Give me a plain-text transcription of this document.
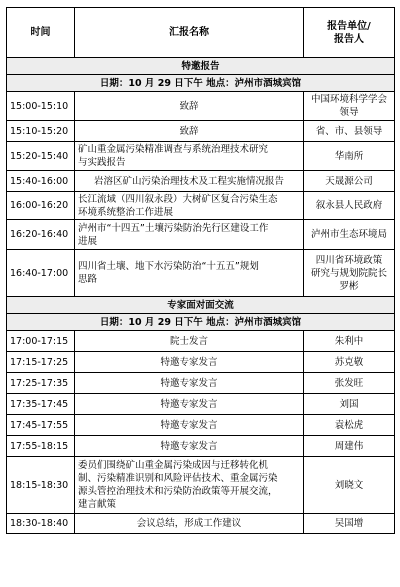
时间	汇报名称	报告单位/
报告人
特邀报告		
日期：10 月 29 日下午 地点：泸州市酒城宾馆		
15:00-15:10	致辞	中国环境科学学会
领导
15:10-15:20	致辞	省、市、县领导
15:20-15:40	矿山重金属污染精准调查与系统治理技术研究
与实践报告	华南所
15:40-16:00	岩溶区矿山污染治理技术及工程实施情况报告	天晟源公司
16:00-16:20	长江流域（四川叙永段）大树矿区复合污染生态
环境系统整治工作进展	叙永县人民政府
16:20-16:40	泸州市“十四五”土壤污染防治先行区建设工作
进展	泸州市生态环境局
16:40-17:00	四川省土壤、地下水污染防治“十五五”规划
思路	四川省环境政策
研究与规划院院长
罗彬
专家面对面交流		
日期：10 月 29 日下午 地点：泸州市酒城宾馆		
17:00-17:15	院士发言	朱利中
17:15-17:25	特邀专家发言	苏克敬
17:25-17:35	特邀专家发言	张发旺
17:35-17:45	特邀专家发言	刘国
17:45-17:55	特邀专家发言	袁松虎
17:55-18:15	特邀专家发言	周建伟
18:15-18:30	委员们围绕矿山重金属污染成因与迁移转化机
制、污染精准识别和风险评估技术、重金属污染
源头管控治理技术和污染防治政策等开展交流，
建言献策	刘晓文
18:30-18:40	会议总结，形成工作建议	吴国增
